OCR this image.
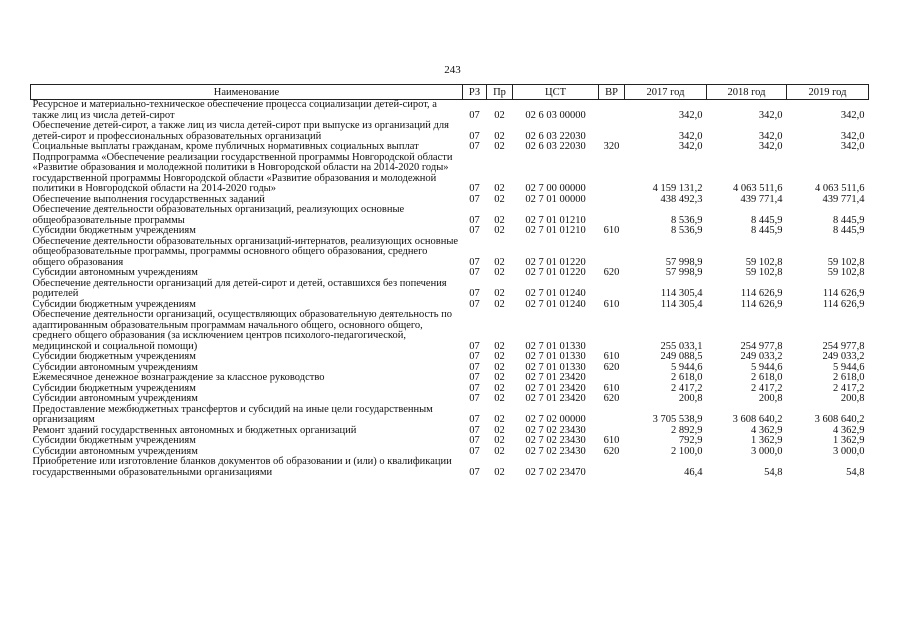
243
Наименование	РЗ	Пр	ЦСТ	ВР	2017 год	2018 год	2019 год
Ресурсное и материально-техническое обеспечение процесса социализации детей-сирот, а также лиц из числа детей-сирот	07	02	02 6 03 00000		342,0	342,0	342,0
Обеспечение детей-сирот, а также лиц из числа детей-сирот при выпуске из организаций для детей-сирот и профессиональных образовательных организаций	07	02	02 6 03 22030		342,0	342,0	342,0
Социальные выплаты гражданам, кроме публичных нормативных социальных выплат	07	02	02 6 03 22030	320	342,0	342,0	342,0
Подпрограмма «Обеспечение реализации государственной программы Новгородской области «Развитие образования и молодежной политики в Новгородской области на 2014-2020 годы» государственной программы Новгородской области «Развитие образования и молодежной политики в Новгородской области на 2014-2020 годы»	07	02	02 7 00 00000		4 159 131,2	4 063 511,6	4 063 511,6
Обеспечение выполнения государственных заданий	07	02	02 7 01 00000		438 492,3	439 771,4	439 771,4
Обеспечение деятельности образовательных организаций, реализующих основные общеобразовательные программы	07	02	02 7 01 01210		8 536,9	8 445,9	8 445,9
Субсидии бюджетным учреждениям	07	02	02 7 01 01210	610	8 536,9	8 445,9	8 445,9
Обеспечение деятельности образовательных организаций-интернатов, реализующих основные общеобразовательные программы, программы основного общего образования, среднего общего образования	07	02	02 7 01 01220		57 998,9	59 102,8	59 102,8
Субсидии автономным учреждениям	07	02	02 7 01 01220	620	57 998,9	59 102,8	59 102,8
Обеспечение деятельности организаций для детей-сирот и детей, оставшихся без попечения родителей	07	02	02 7 01 01240		114 305,4	114 626,9	114 626,9
Субсидии бюджетным учреждениям	07	02	02 7 01 01240	610	114 305,4	114 626,9	114 626,9
Обеспечение деятельности организаций, осуществляющих образовательную деятельность по адаптированным образовательным программам начального общего, основного общего, среднего общего образования (за исключением центров психолого-педагогической, медицинской и социальной помощи)	07	02	02 7 01 01330		255 033,1	254 977,8	254 977,8
Субсидии бюджетным учреждениям	07	02	02 7 01 01330	610	249 088,5	249 033,2	249 033,2
Субсидии автономным учреждениям	07	02	02 7 01 01330	620	5 944,6	5 944,6	5 944,6
Ежемесячное денежное вознаграждение за классное руководство	07	02	02 7 01 23420		2 618,0	2 618,0	2 618,0
Субсидии бюджетным учреждениям	07	02	02 7 01 23420	610	2 417,2	2 417,2	2 417,2
Субсидии автономным учреждениям	07	02	02 7 01 23420	620	200,8	200,8	200,8
Предоставление межбюджетных трансфертов и субсидий на иные цели государственным организациям	07	02	02 7 02 00000		3 705 538,9	3 608 640,2	3 608 640,2
Ремонт зданий государственных автономных и бюджетных организаций	07	02	02 7 02 23430		2 892,9	4 362,9	4 362,9
Субсидии бюджетным учреждениям	07	02	02 7 02 23430	610	792,9	1 362,9	1 362,9
Субсидии автономным учреждениям	07	02	02 7 02 23430	620	2 100,0	3 000,0	3 000,0
Приобретение или изготовление бланков документов об образовании и (или) о квалификации государственными образовательными организациями	07	02	02 7 02 23470		46,4	54,8	54,8
